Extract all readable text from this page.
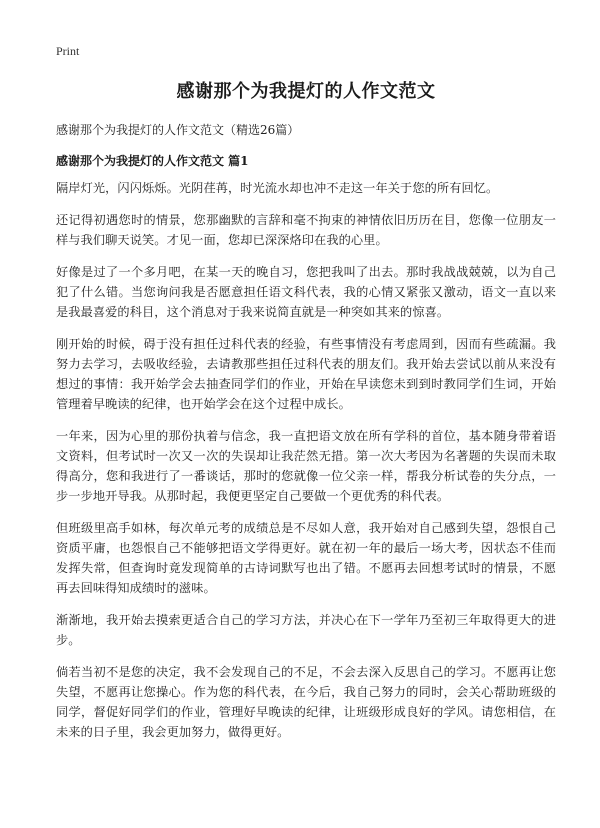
Print
感谢那个为我提灯的人作文范文
感谢那个为我提灯的人作文范文（精选26篇）
感谢那个为我提灯的人作文范文 篇1

隔岸灯光，闪闪烁烁。光阴荏苒，时光流水却也冲不走这一年关于您的所有回忆。

还记得初遇您时的情景，您那幽默的言辞和毫不拘束的神情依旧历历在目，您像一位朋友一样与我们聊天说笑。才见一面，您却已深深烙印在我的心里。

好像是过了一个多月吧，在某一天的晚自习，您把我叫了出去。那时我战战兢兢，以为自己犯了什么错。当您询问我是否愿意担任语文科代表，我的心情又紧张又激动，语文一直以来是我最喜爱的科目，这个消息对于我来说简直就是一种突如其来的惊喜。

刚开始的时候，碍于没有担任过科代表的经验，有些事情没有考虑周到，因而有些疏漏。我努力去学习，去吸收经验，去请教那些担任过科代表的朋友们。我开始去尝试以前从来没有想过的事情：我开始学会去抽查同学们的作业，开始在早读您未到到时教同学们生词，开始管理着早晚读的纪律，也开始学会在这个过程中成长。

一年来，因为心里的那份执着与信念，我一直把语文放在所有学科的首位，基本随身带着语文资料，但考试时一次又一次的失误却让我茫然无措。第一次大考因为名著题的失误而未取得高分，您和我进行了一番谈话，那时的您就像一位父亲一样，帮我分析试卷的失分点，一步一步地开导我。从那时起，我便更坚定自己要做一个更优秀的科代表。

但班级里高手如林，每次单元考的成绩总是不尽如人意，我开始对自己感到失望，怨恨自己资质平庸，也怨恨自己不能够把语文学得更好。就在初一年的最后一场大考，因状态不佳而发挥失常，但查询时竟发现简单的古诗词默写也出了错。不愿再去回想考试时的情景，不愿再去回味得知成绩时的滋味。

渐渐地，我开始去摸索更适合自己的学习方法，并决心在下一学年乃至初三年取得更大的进步。

倘若当初不是您的决定，我不会发现自己的不足，不会去深入反思自己的学习。不愿再让您失望，不愿再让您操心。作为您的科代表，在今后，我自己努力的同时，会关心帮助班级的同学，督促好同学们的作业，管理好早晚读的纪律，让班级形成良好的学风。请您相信，在未来的日子里，我会更加努力，做得更好。
